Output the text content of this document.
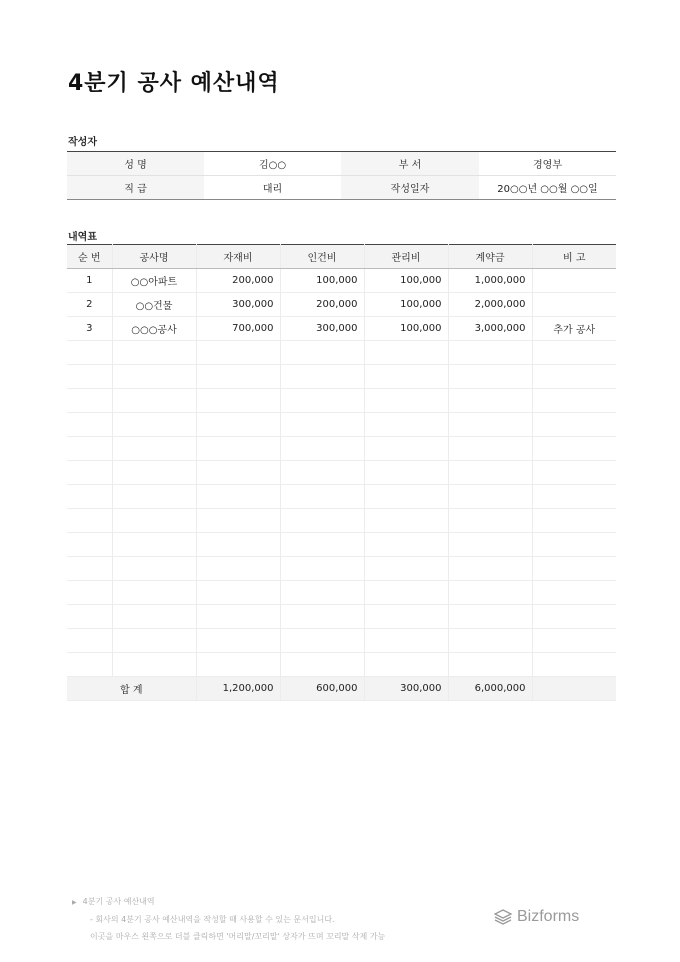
4분기 공사 예산내역
작성자
성 명	김○○	부 서	경영부
직 급	대리	작성일자	20○○년 ○○월 ○○일
내역표
순 번	공사명	자재비	인건비	관리비	계약금	비 고
1	○○아파트	200,000	100,000	100,000	1,000,000	
2	○○건물	300,000	200,000	100,000	2,000,000	
3	○○○공사	700,000	300,000	100,000	3,000,000	추가 공사

합 계		1,200,000	600,000	300,000	6,000,000	
▶ 4분기 공사 예산내역
- 회사의 4분기 공사 예산내역을 작성할 때 사용할 수 있는 문서입니다.
이곳을 마우스 왼쪽으로 더블 클릭하면 '머리말/꼬리말' 상자가 뜨며 꼬리말 삭제 가능
Bizforms
